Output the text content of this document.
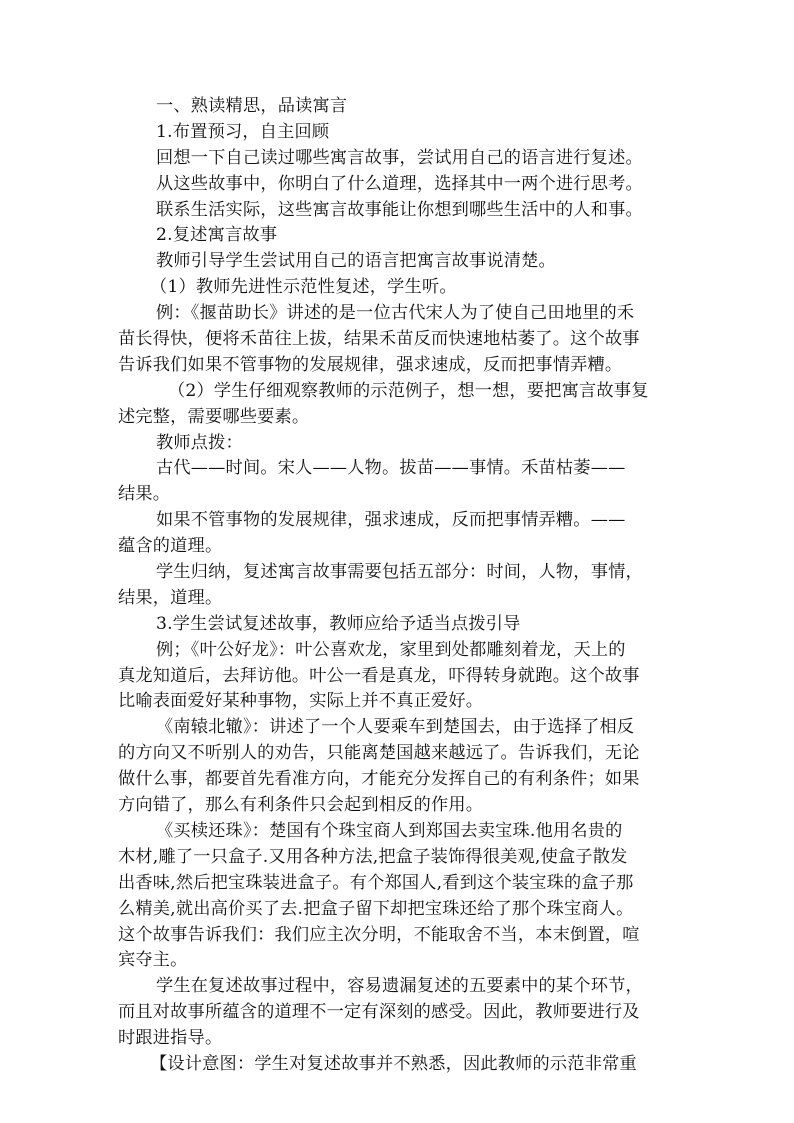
一、熟读精思，品读寓言
1.布置预习，自主回顾
回想一下自己读过哪些寓言故事，尝试用自己的语言进行复述。
从这些故事中，你明白了什么道理，选择其中一两个进行思考。
联系生活实际，这些寓言故事能让你想到哪些生活中的人和事。
2.复述寓言故事
教师引导学生尝试用自己的语言把寓言故事说清楚。
（1）教师先进性示范性复述，学生听。
例：《揠苗助长》讲述的是一位古代宋人为了使自己田地里的禾
苗长得快，便将禾苗往上拔，结果禾苗反而快速地枯萎了。这个故事
告诉我们如果不管事物的发展规律，强求速成，反而把事情弄糟。
（2）学生仔细观察教师的示范例子，想一想，要把寓言故事复
述完整，需要哪些要素。
教师点拨：
古代——时间。宋人——人物。拔苗——事情。禾苗枯萎——
结果。
如果不管事物的发展规律，强求速成，反而把事情弄糟。——
蕴含的道理。
学生归纳，复述寓言故事需要包括五部分：时间，人物，事情，
结果，道理。
3.学生尝试复述故事，教师应给予适当点拨引导
例；《叶公好龙》：叶公喜欢龙，家里到处都雕刻着龙，天上的
真龙知道后，去拜访他。叶公一看是真龙，吓得转身就跑。这个故事
比喻表面爱好某种事物，实际上并不真正爱好。
《南辕北辙》：讲述了一个人要乘车到楚国去，由于选择了相反
的方向又不听别人的劝告，只能离楚国越来越远了。告诉我们，无论
做什么事，都要首先看准方向，才能充分发挥自己的有利条件；如果
方向错了，那么有利条件只会起到相反的作用。
《买椟还珠》：楚国有个珠宝商人到郑国去卖宝珠.他用名贵的
木材,雕了一只盒子.又用各种方法,把盒子装饰得很美观,使盒子散发
出香味,然后把宝珠装进盒子。有个郑国人,看到这个装宝珠的盒子那
么精美,就出高价买了去.把盒子留下却把宝珠还给了那个珠宝商人。
这个故事告诉我们：我们应主次分明，不能取舍不当，本末倒置，喧
宾夺主。
学生在复述故事过程中，容易遗漏复述的五要素中的某个环节，
而且对故事所蕴含的道理不一定有深刻的感受。因此，教师要进行及
时跟进指导。
【设计意图：学生对复述故事并不熟悉，因此教师的示范非常重
